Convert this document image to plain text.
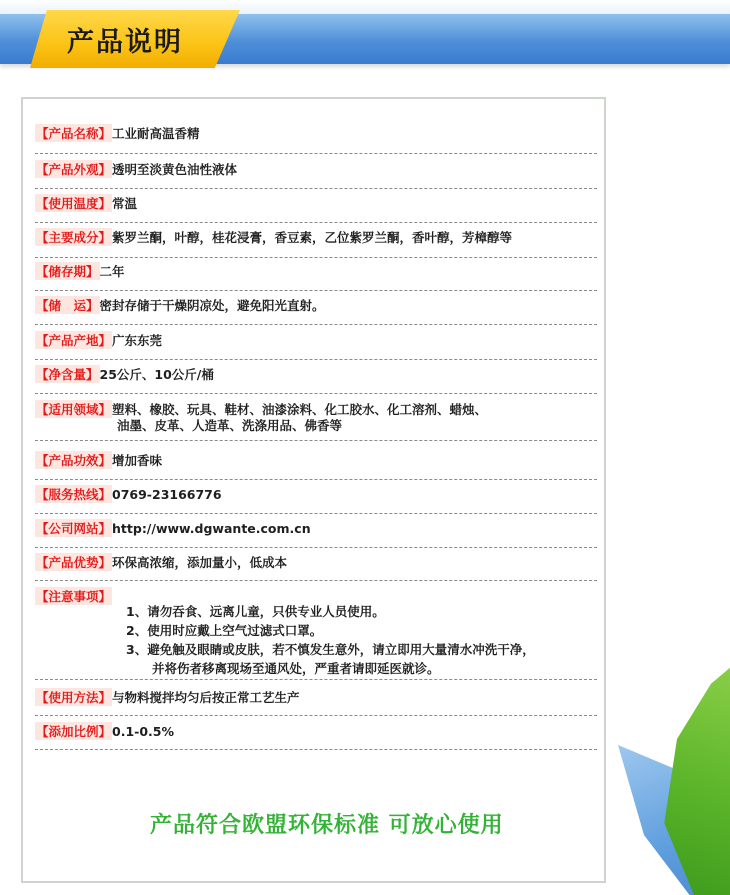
产品说明
【产品名称】工业耐高温香精
【产品外观】透明至淡黄色油性液体
【使用温度】常温
【主要成分】紫罗兰酮，叶醇，桂花浸膏，香豆素，乙位紫罗兰酮，香叶醇，芳樟醇等
【储存期】二年
【储　运】密封存储于干燥阴凉处，避免阳光直射。
【产品产地】广东东莞
【净含量】25公斤、10公斤/桶
【适用领域】塑料、橡胶、玩具、鞋材、油漆涂料、化工胶水、化工溶剂、蜡烛、
油墨、皮革、人造革、洗涤用品、佛香等
【产品功效】增加香味
【服务热线】0769-23166776
【公司网站】http://www.dgwante.com.cn
【产品优势】环保高浓缩，添加量小，低成本
【注意事项】
1、请勿吞食、远离儿童，只供专业人员使用。
2、使用时应戴上空气过滤式口罩。
3、避免触及眼睛或皮肤，若不慎发生意外，请立即用大量清水冲洗干净，
并将伤者移离现场至通风处，严重者请即延医就诊。
【使用方法】与物料搅拌均匀后按正常工艺生产
【添加比例】0.1-0.5%
产品符合欧盟环保标准 可放心使用
